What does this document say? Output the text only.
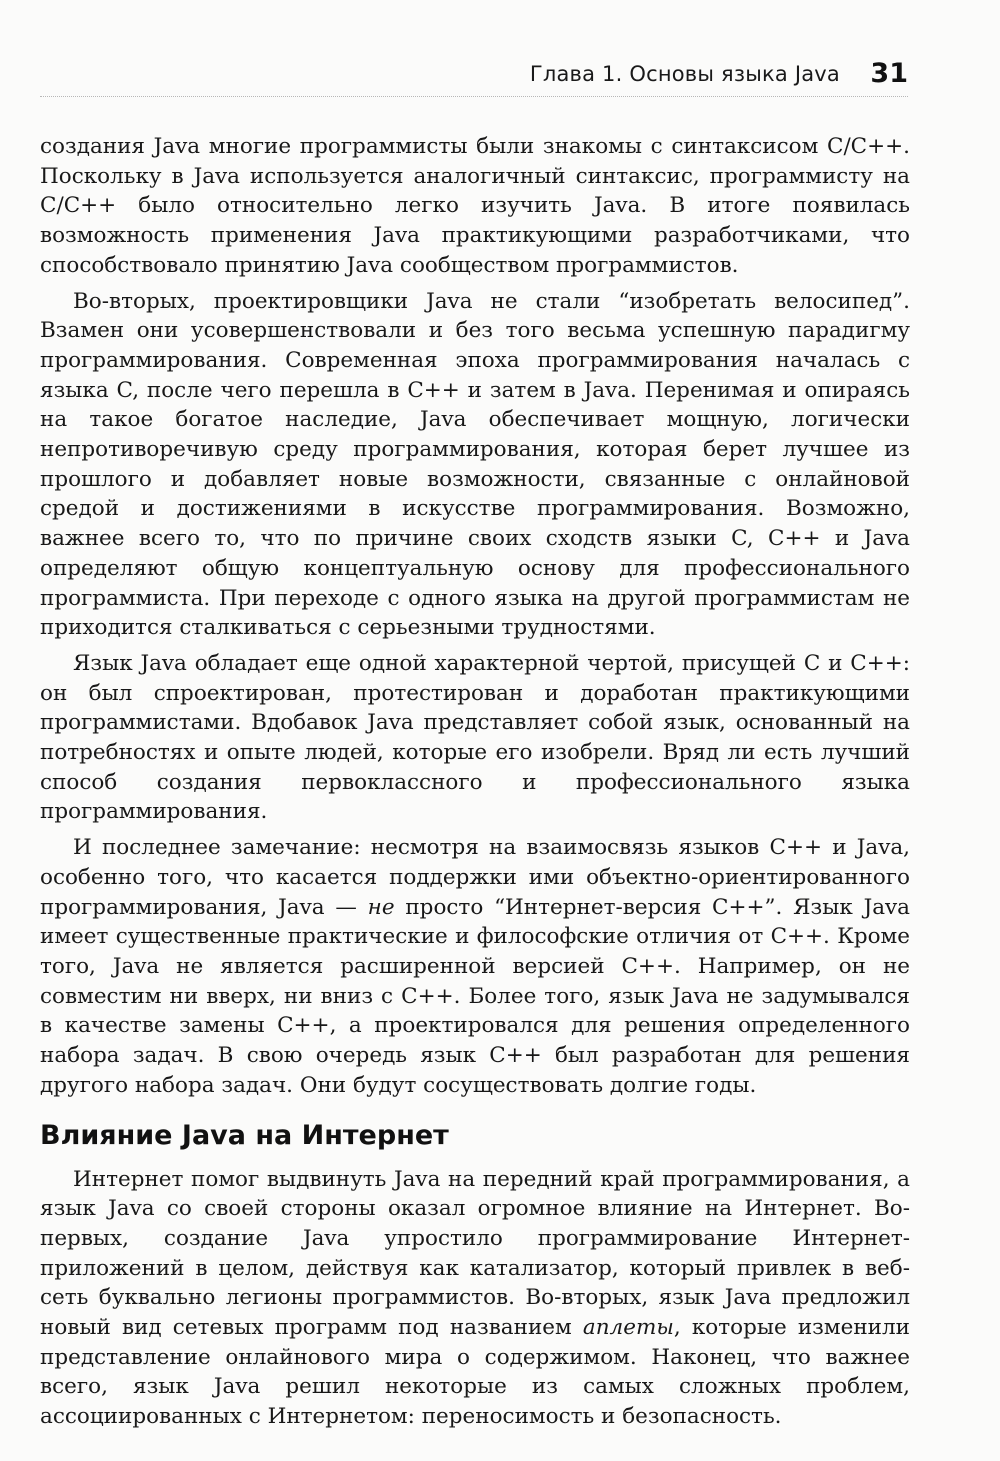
Глава 1. Основы языка Java 31

создания Java многие программисты были знакомы с синтаксисом C/C++. Поскольку в Java используется аналогичный синтаксис, программисту на C/C++ было относительно легко изучить Java. В итоге появилась возможность применения Java практикующими разработчиками, что способствовало принятию Java сообществом программистов.

Во-вторых, проектировщики Java не стали “изобретать велосипед”. Взамен они усовершенствовали и без того весьма успешную парадигму программирования. Современная эпоха программирования началась с языка C, после чего перешла в C++ и затем в Java. Перенимая и опираясь на такое богатое наследие, Java обеспечивает мощную, логически непротиворечивую среду программирования, которая берет лучшее из прошлого и добавляет новые возможности, связанные с онлайновой средой и достижениями в искусстве программирования. Возможно, важнее всего то, что по причине своих сходств языки C, C++ и Java определяют общую концептуальную основу для профессионального программиста. При переходе с одного языка на другой программистам не приходится сталкиваться с серьезными трудностями.

Язык Java обладает еще одной характерной чертой, присущей C и C++: он был спроектирован, протестирован и доработан практикующими программистами. Вдобавок Java представляет собой язык, основанный на потребностях и опыте людей, которые его изобрели. Вряд ли есть лучший способ создания первоклассного и профессионального языка программирования.

И последнее замечание: несмотря на взаимосвязь языков C++ и Java, особенно того, что касается поддержки ими объектно-ориентированного программирования, Java — не просто “Интернет-версия C++”. Язык Java имеет существенные практические и философские отличия от C++. Кроме того, Java не является расширенной версией C++. Например, он не совместим ни вверх, ни вниз с C++. Более того, язык Java не задумывался в качестве замены C++, а проектировался для решения определенного набора задач. В свою очередь язык C++ был разработан для решения другого набора задач. Они будут сосуществовать долгие годы.

Влияние Java на Интернет

Интернет помог выдвинуть Java на передний край программирования, а язык Java со своей стороны оказал огромное влияние на Интернет. Во-первых, создание Java упростило программирование Интернет-приложений в целом, действуя как катализатор, который привлек в веб-сеть буквально легионы программистов. Во-вторых, язык Java предложил новый вид сетевых программ под названием аплеты, которые изменили представление онлайнового мира о содержимом. Наконец, что важнее всего, язык Java решил некоторые из самых сложных проблем, ассоциированных с Интернетом: переносимость и безопасность.
